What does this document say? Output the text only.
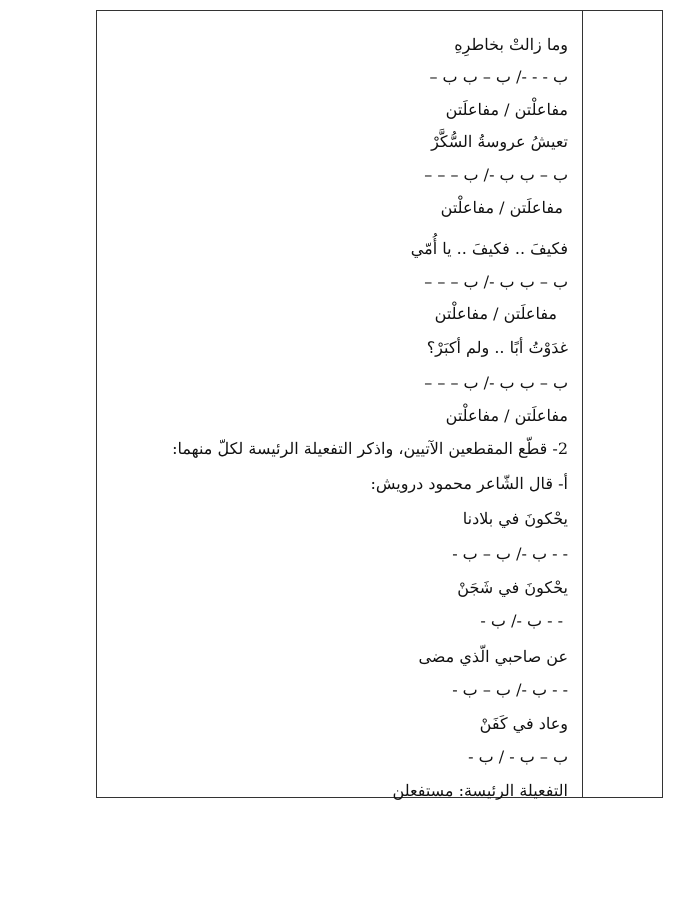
وما زالتْ بخاطرِهِ
ب - - -/ ب – ب ب –
مفاعلْتن / مفاعلَتن
تعيشُ عروسةُ السُّكَّرْ
ب – ب ب -/ ب – – –
مفاعلَتن / مفاعلْتن
فكيفَ .. فكيفَ .. يا أُمّي
ب – ب ب -/ ب – – –
مفاعلَتن / مفاعلْتن
غدَوْتُ أبًا .. ولم أكبَرْ؟
ب – ب ب -/ ب – – –
مفاعلَتن / مفاعلْتن
2- قطّع المقطعين الآتيين، واذكر التفعيلة الرئيسة لكلّ منهما:
أ- قال الشّاعر محمود درويش:
يحْكونَ في بلادنا
- - ب -/ ب – ب -
يحْكونَ في شَجَنْ
- - ب -/ ب -
عن صاحبي الّذي مضى
- - ب -/ ب – ب -
وعاد في كَفَنْ
ب – ب - / ب -
التفعيلة الرئيسة: مستفعلن
